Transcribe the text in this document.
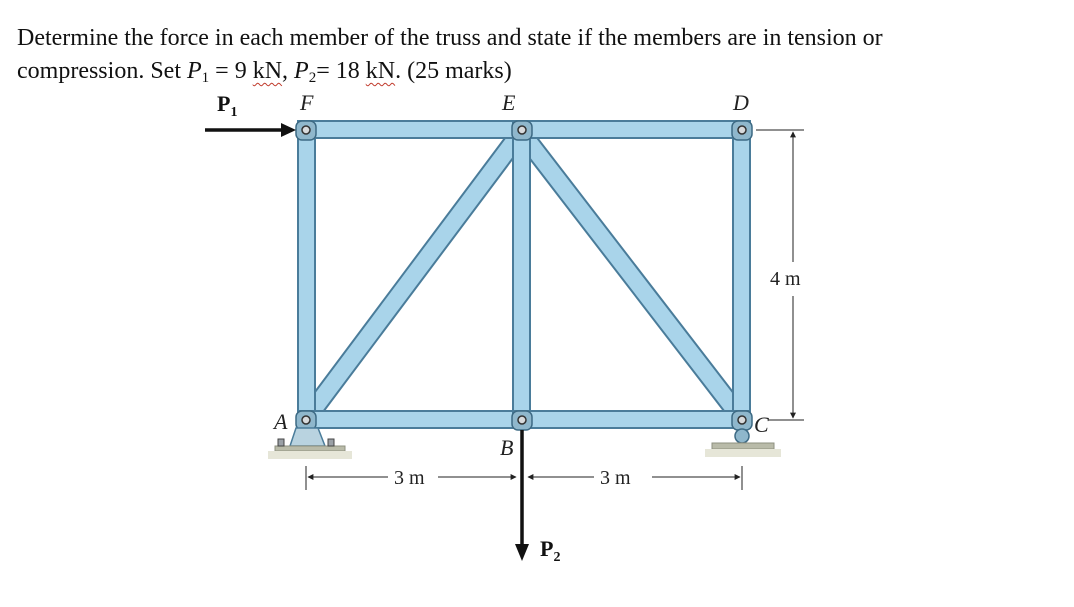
Determine the force in each member of the truss and state if the members are in tension or
compression. Set $P_1 = 9$ kN, $P_2= 18$ kN. (25 marks)
F	E	D
A
B
C
$P_1$
$P_2$
3 m	3 m
4 m
